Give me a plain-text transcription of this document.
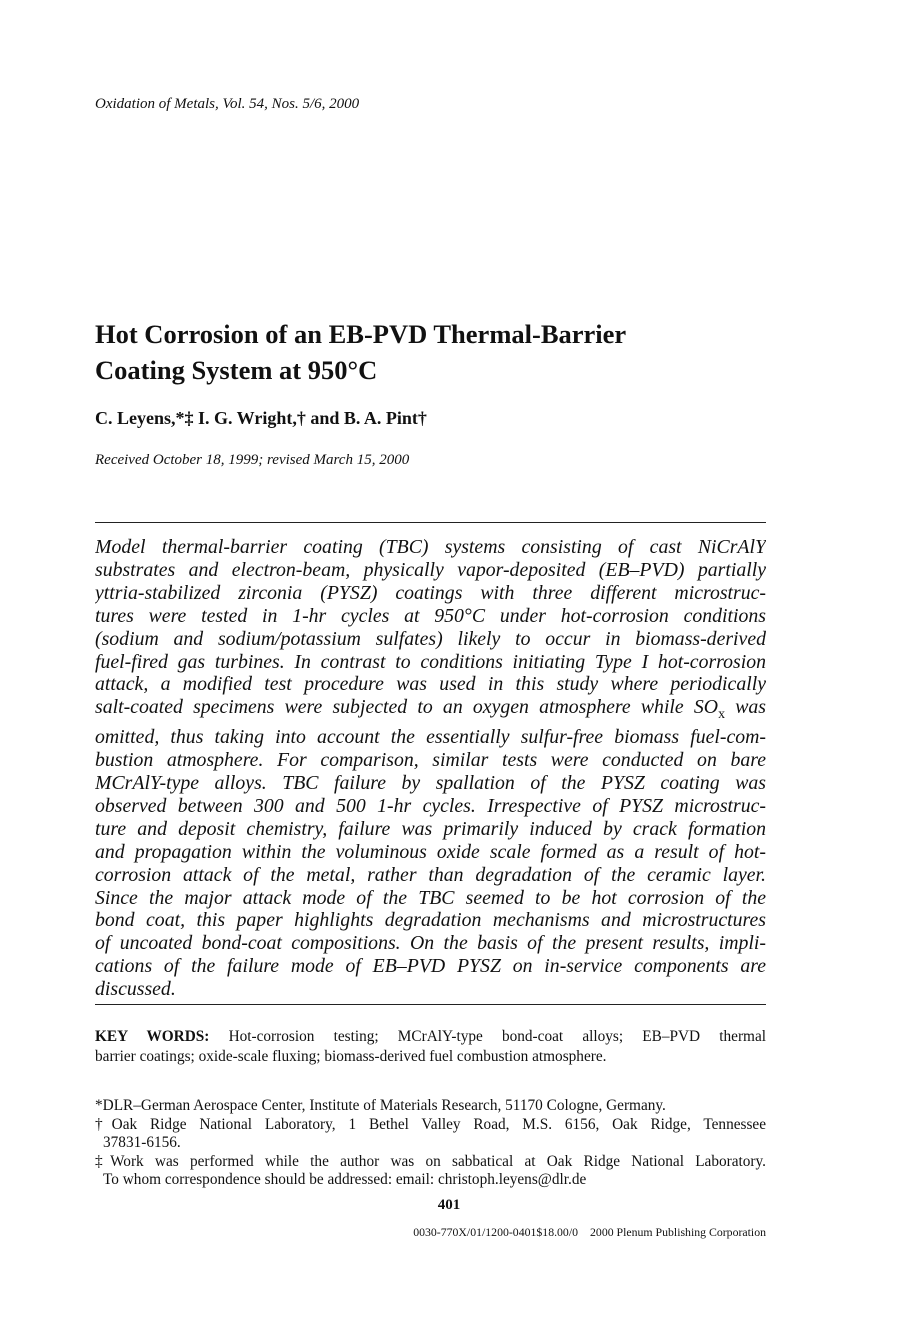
Oxidation of Metals, Vol. 54, Nos. 5/6, 2000

Hot Corrosion of an EB-PVD Thermal-Barrier
Coating System at 950°C

C. Leyens,*‡ I. G. Wright,† and B. A. Pint†

Received October 18, 1999; revised March 15, 2000

Model thermal-barrier coating (TBC) systems consisting of cast NiCrAlY
substrates and electron-beam, physically vapor-deposited (EB–PVD) partially
yttria-stabilized zirconia (PYSZ) coatings with three different microstruc-
tures were tested in 1-hr cycles at 950°C under hot-corrosion conditions
(sodium and sodium/potassium sulfates) likely to occur in biomass-derived
fuel-fired gas turbines. In contrast to conditions initiating Type I hot-corrosion
attack, a modified test procedure was used in this study where periodically
salt-coated specimens were subjected to an oxygen atmosphere while $SO_x$ was
omitted, thus taking into account the essentially sulfur-free biomass fuel-com-
bustion atmosphere. For comparison, similar tests were conducted on bare
MCrAlY-type alloys. TBC failure by spallation of the PYSZ coating was
observed between 300 and 500 1-hr cycles. Irrespective of PYSZ microstruc-
ture and deposit chemistry, failure was primarily induced by crack formation
and propagation within the voluminous oxide scale formed as a result of hot-
corrosion attack of the metal, rather than degradation of the ceramic layer.
Since the major attack mode of the TBC seemed to be hot corrosion of the
bond coat, this paper highlights degradation mechanisms and microstructures
of uncoated bond-coat compositions. On the basis of the present results, impli-
cations of the failure mode of EB–PVD PYSZ on in-service components are
discussed.
KEY WORDS: Hot-corrosion testing; MCrAlY-type bond-coat alloys; EB–PVD thermal
barrier coatings; oxide-scale fluxing; biomass-derived fuel combustion atmosphere.

*DLR–German Aerospace Center, Institute of Materials Research, 51170 Cologne, Germany.

†Oak Ridge National Laboratory, 1 Bethel Valley Road, M.S. 6156, Oak Ridge, Tennessee
37831-6156.

‡Work was performed while the author was on sabbatical at Oak Ridge National Laboratory.
To whom correspondence should be addressed: email: christoph.leyens@dlr.de

401

0030-770X/01/1200-0401$18.00/0 2000 Plenum Publishing Corporation
